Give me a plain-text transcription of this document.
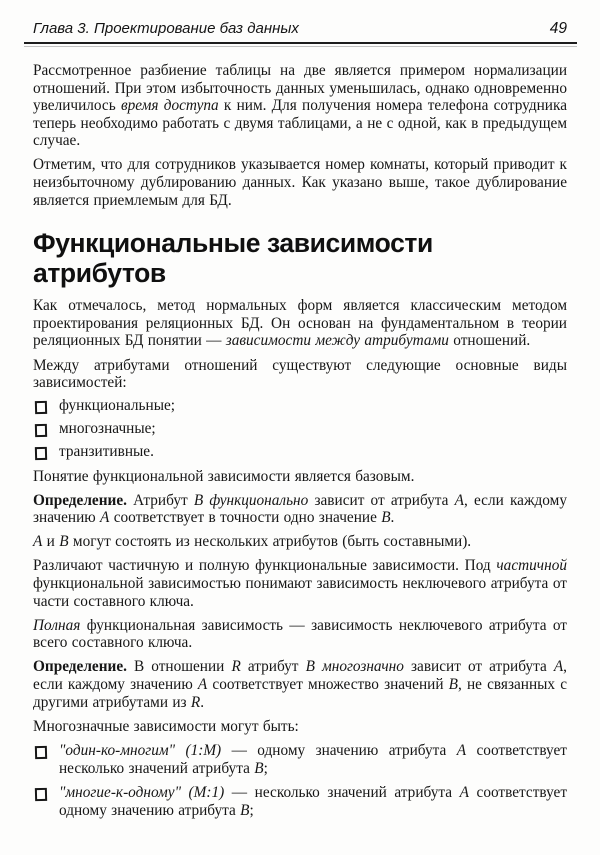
Глава 3. Проектирование баз данных	49

Рассмотренное разбиение таблицы на две является примером нормализации отношений. При этом избыточность данных уменьшилась, однако одновременно увеличилось время доступа к ним. Для получения номера телефона сотрудника теперь необходимо работать с двумя таблицами, а не с одной, как в предыдущем случае.

Отметим, что для сотрудников указывается номер комнаты, который приводит к неизбыточному дублированию данных. Как указано выше, такое дублирование является приемлемым для БД.

Функциональные зависимости
атрибутов

Как отмечалось, метод нормальных форм является классическим методом проектирования реляционных БД. Он основан на фундаментальном в теории реляционных БД понятии — зависимости между атрибутами отношений.

Между атрибутами отношений существуют следующие основные виды зависимостей:

функциональные;
многозначные;
транзитивные.

Понятие функциональной зависимости является базовым.

Определение. Атрибут В функционально зависит от атрибута А, если каждому значению А соответствует в точности одно значение В.

А и В могут состоять из нескольких атрибутов (быть составными).

Различают частичную и полную функциональные зависимости. Под частичной функциональной зависимостью понимают зависимость неключевого атрибута от части составного ключа.

Полная функциональная зависимость — зависимость неключевого атрибута от всего составного ключа.

Определение. В отношении R атрибут В многозначно зависит от атрибута А, если каждому значению А соответствует множество значений В, не связанных с другими атрибутами из R.

Многозначные зависимости могут быть:

"один-ко-многим" (1:М) — одному значению атрибута А соответствует несколько значений атрибута В;
"многие-к-одному" (М:1) — несколько значений атрибута А соответствует одному значению атрибута В;
